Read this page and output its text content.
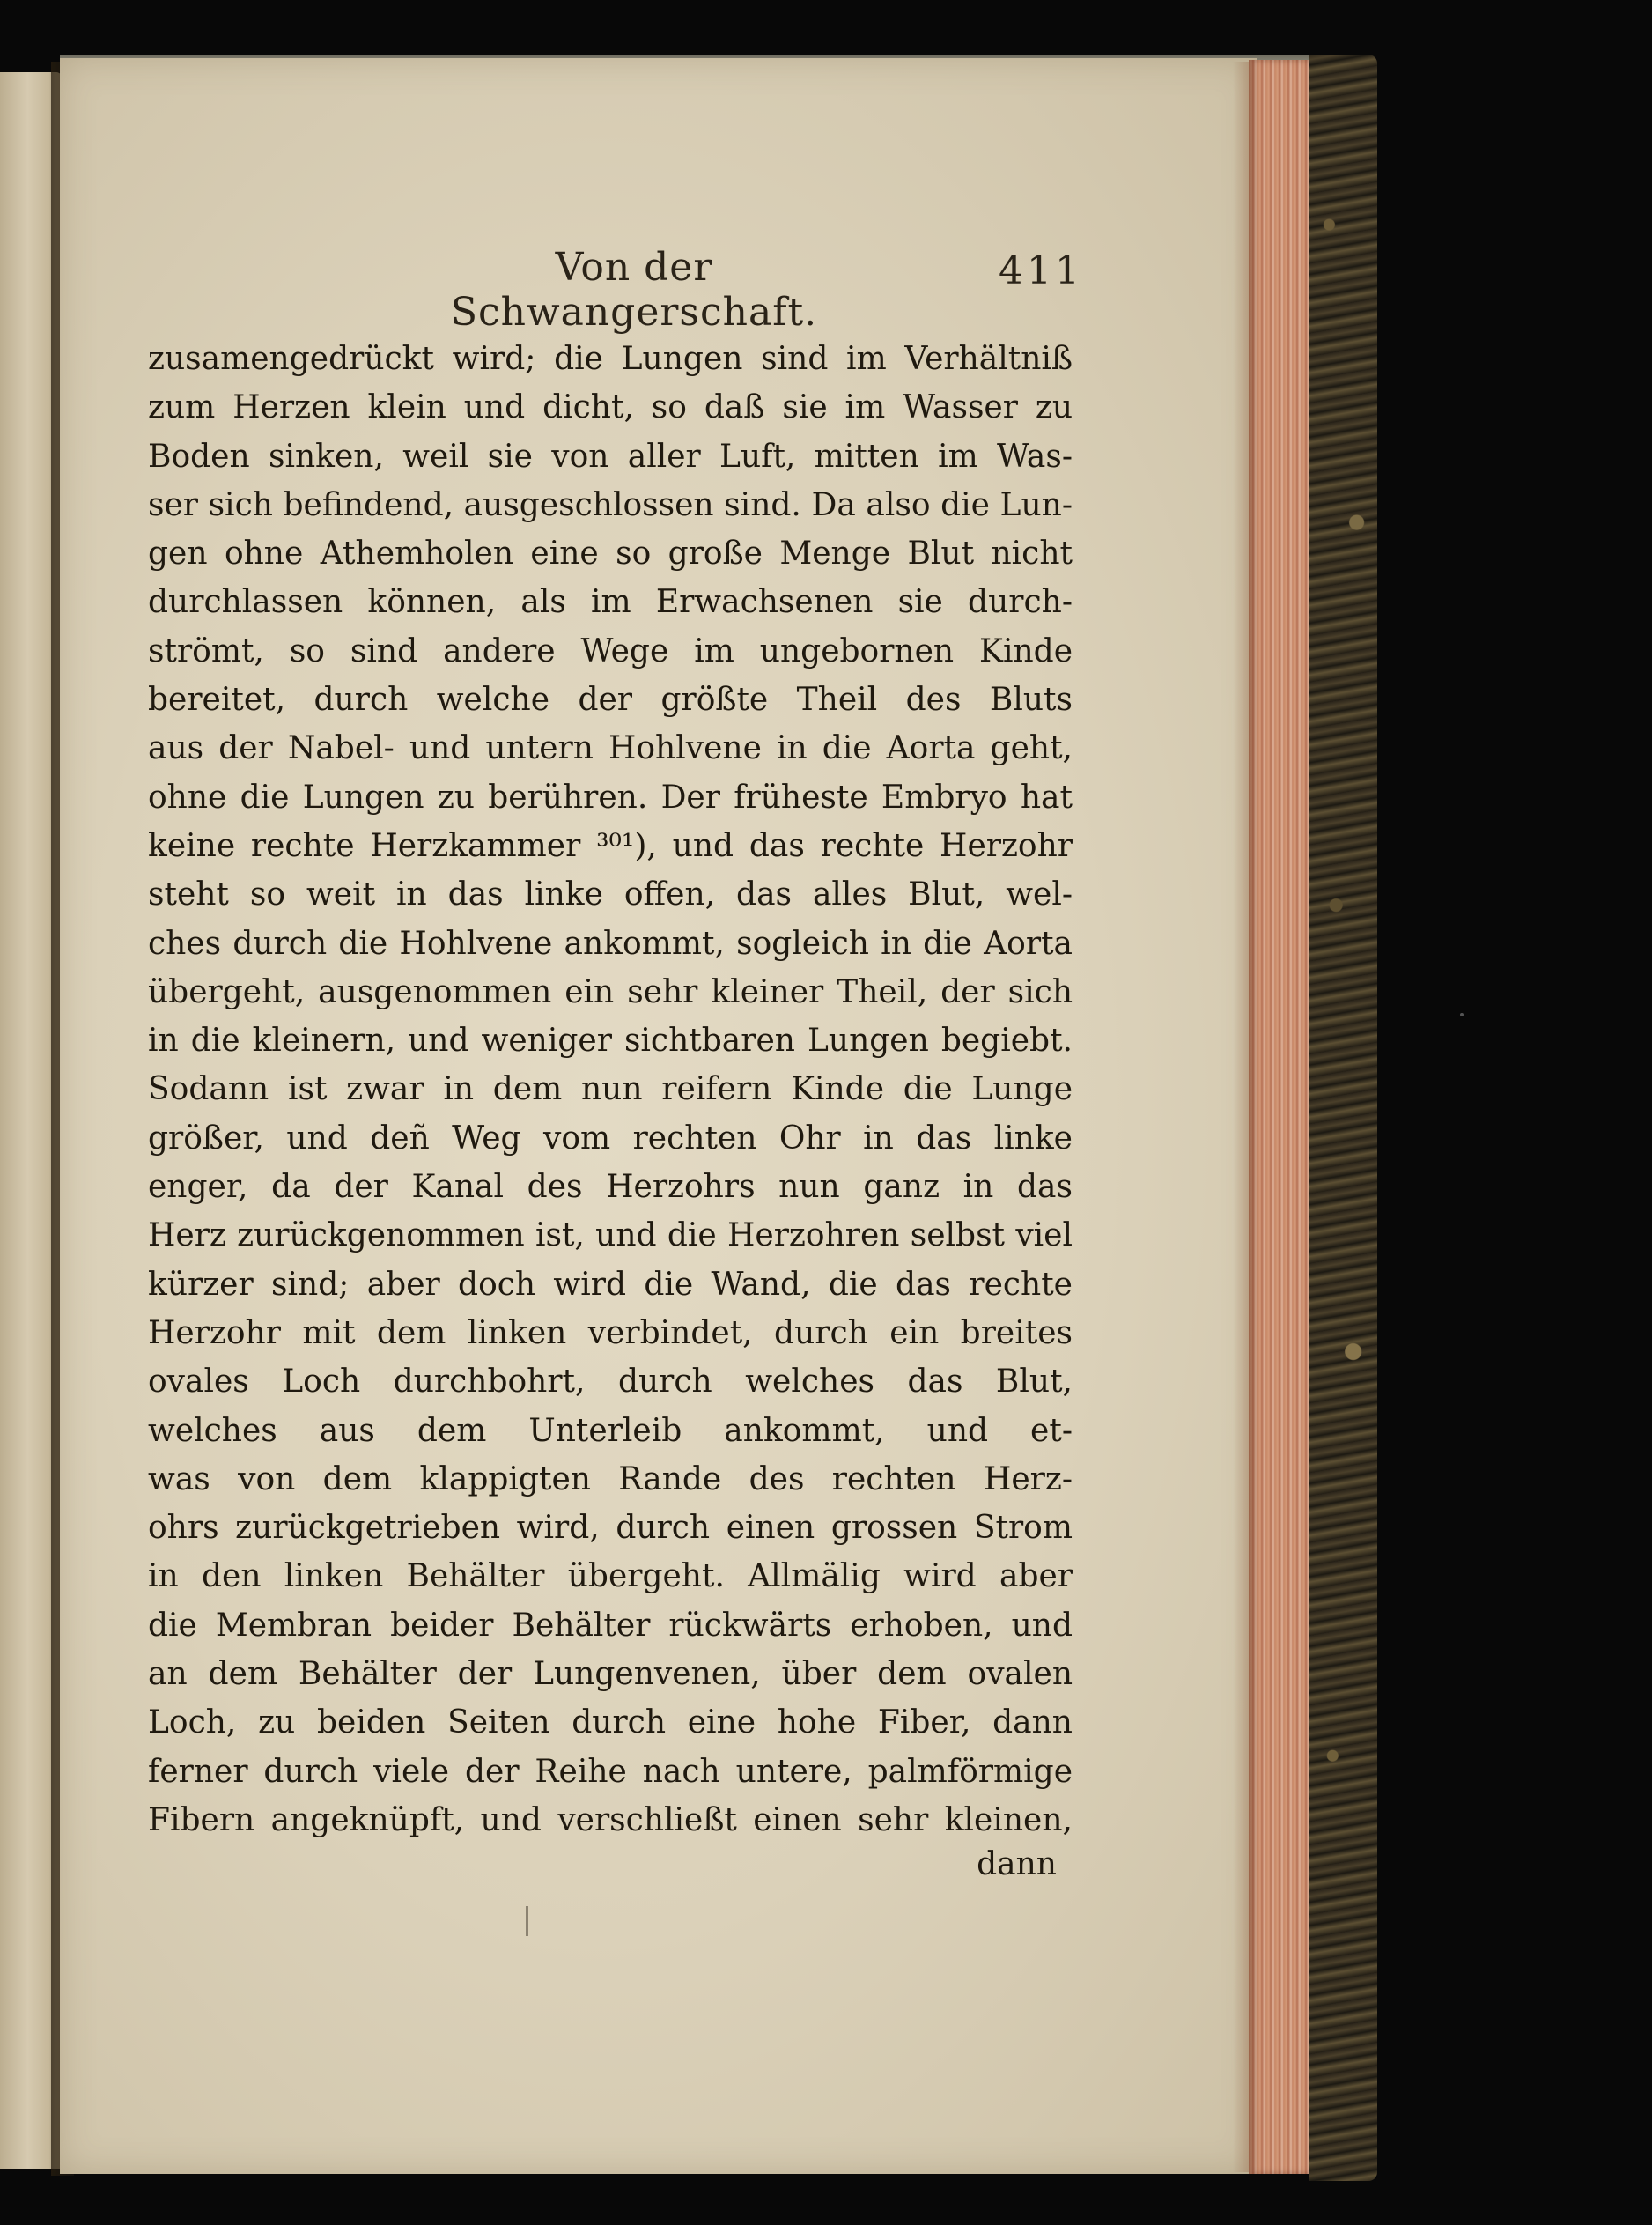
Von der Schwangerschaft.
411
zusamengedrückt wird; die Lungen sind im Verhältniß
zum Herzen klein und dicht, so daß sie im Wasser zu
Boden sinken, weil sie von aller Luft, mitten im Was-
ser sich befindend, ausgeschlossen sind. Da also die Lun-
gen ohne Athemholen eine so große Menge Blut nicht
durchlassen können, als im Erwachsenen sie durch-
strömt, so sind andere Wege im ungebornen Kinde
bereitet, durch welche der größte Theil des Bluts
aus der Nabel- und untern Hohlvene in die Aorta geht,
ohne die Lungen zu berühren. Der früheste Embryo hat
keine rechte Herzkammer ³⁰¹), und das rechte Herzohr
steht so weit in das linke offen, das alles Blut, wel-
ches durch die Hohlvene ankommt, sogleich in die Aorta
übergeht, ausgenommen ein sehr kleiner Theil, der sich
in die kleinern, und weniger sichtbaren Lungen begiebt.
Sodann ist zwar in dem nun reifern Kinde die Lunge
größer, und deñ Weg vom rechten Ohr in das linke
enger, da der Kanal des Herzohrs nun ganz in das
Herz zurückgenommen ist, und die Herzohren selbst viel
kürzer sind; aber doch wird die Wand, die das rechte
Herzohr mit dem linken verbindet, durch ein breites
ovales Loch durchbohrt, durch welches das Blut,
welches aus dem Unterleib ankommt, und et-
was von dem klappigten Rande des rechten Herz-
ohrs zurückgetrieben wird, durch einen grossen Strom
in den linken Behälter übergeht. Allmälig wird aber
die Membran beider Behälter rückwärts erhoben, und
an dem Behälter der Lungenvenen, über dem ovalen
Loch, zu beiden Seiten durch eine hohe Fiber, dann
ferner durch viele der Reihe nach untere, palmförmige
Fibern angeknüpft, und verschließt einen sehr kleinen,
dann
